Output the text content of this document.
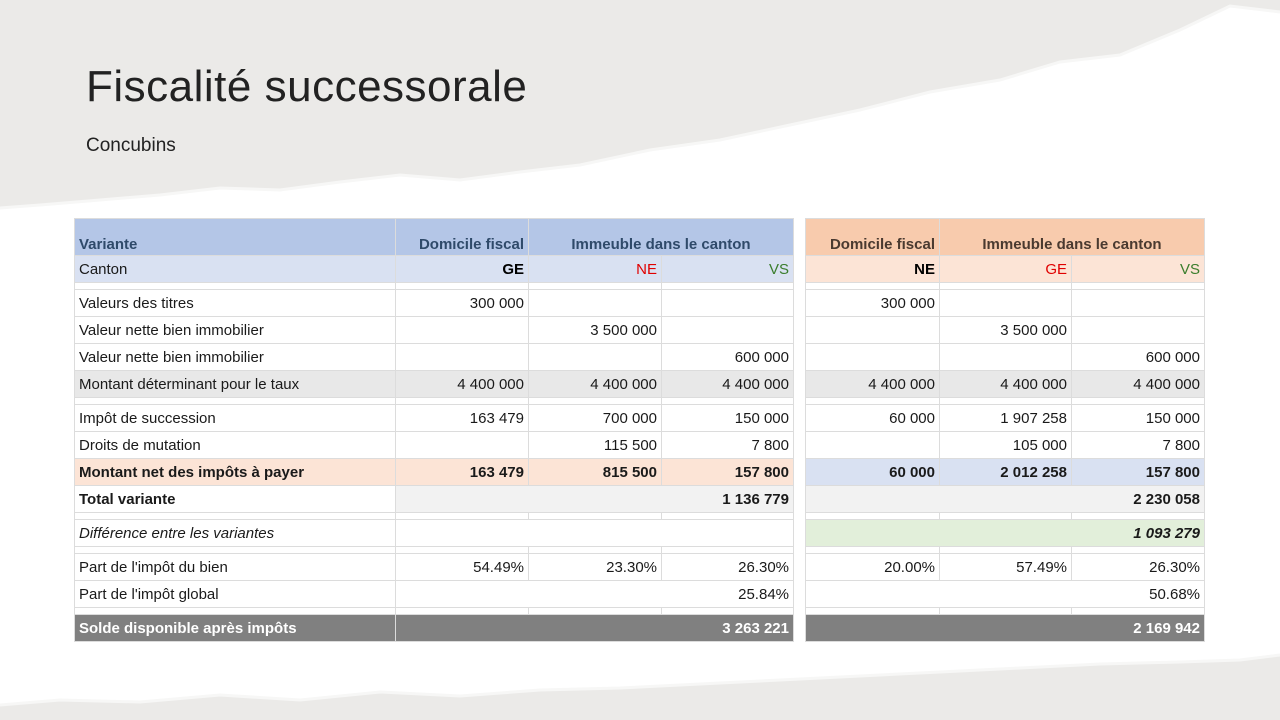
Fiscalité successorale

Concubins

Variante	Domicile fiscal	Immeuble dans le canton			Domicile fiscal	Immeuble dans le canton	
Canton	GE	NE	VS		NE	GE	VS

Valeurs des titres	300 000				300 000		
Valeur nette bien immobilier		3 500 000				3 500 000	
Valeur nette bien immobilier			600 000				600 000
Montant déterminant pour le taux	4 400 000	4 400 000	4 400 000		4 400 000	4 400 000	4 400 000

Impôt de succession	163 479	700 000	150 000		60 000	1 907 258	150 000
Droits de mutation		115 500	7 800			105 000	7 800
Montant net des impôts à payer	163 479	815 500	157 800		60 000	2 012 258	157 800
Total variante	1 136 779				2 230 058		

Différence entre les variantes					1 093 279		

Part de l'impôt du bien	54.49%	23.30%	26.30%		20.00%	57.49%	26.30%
Part de l'impôt global	25.84%				50.68%		

Solde disponible après impôts	3 263 221				2 169 942		
